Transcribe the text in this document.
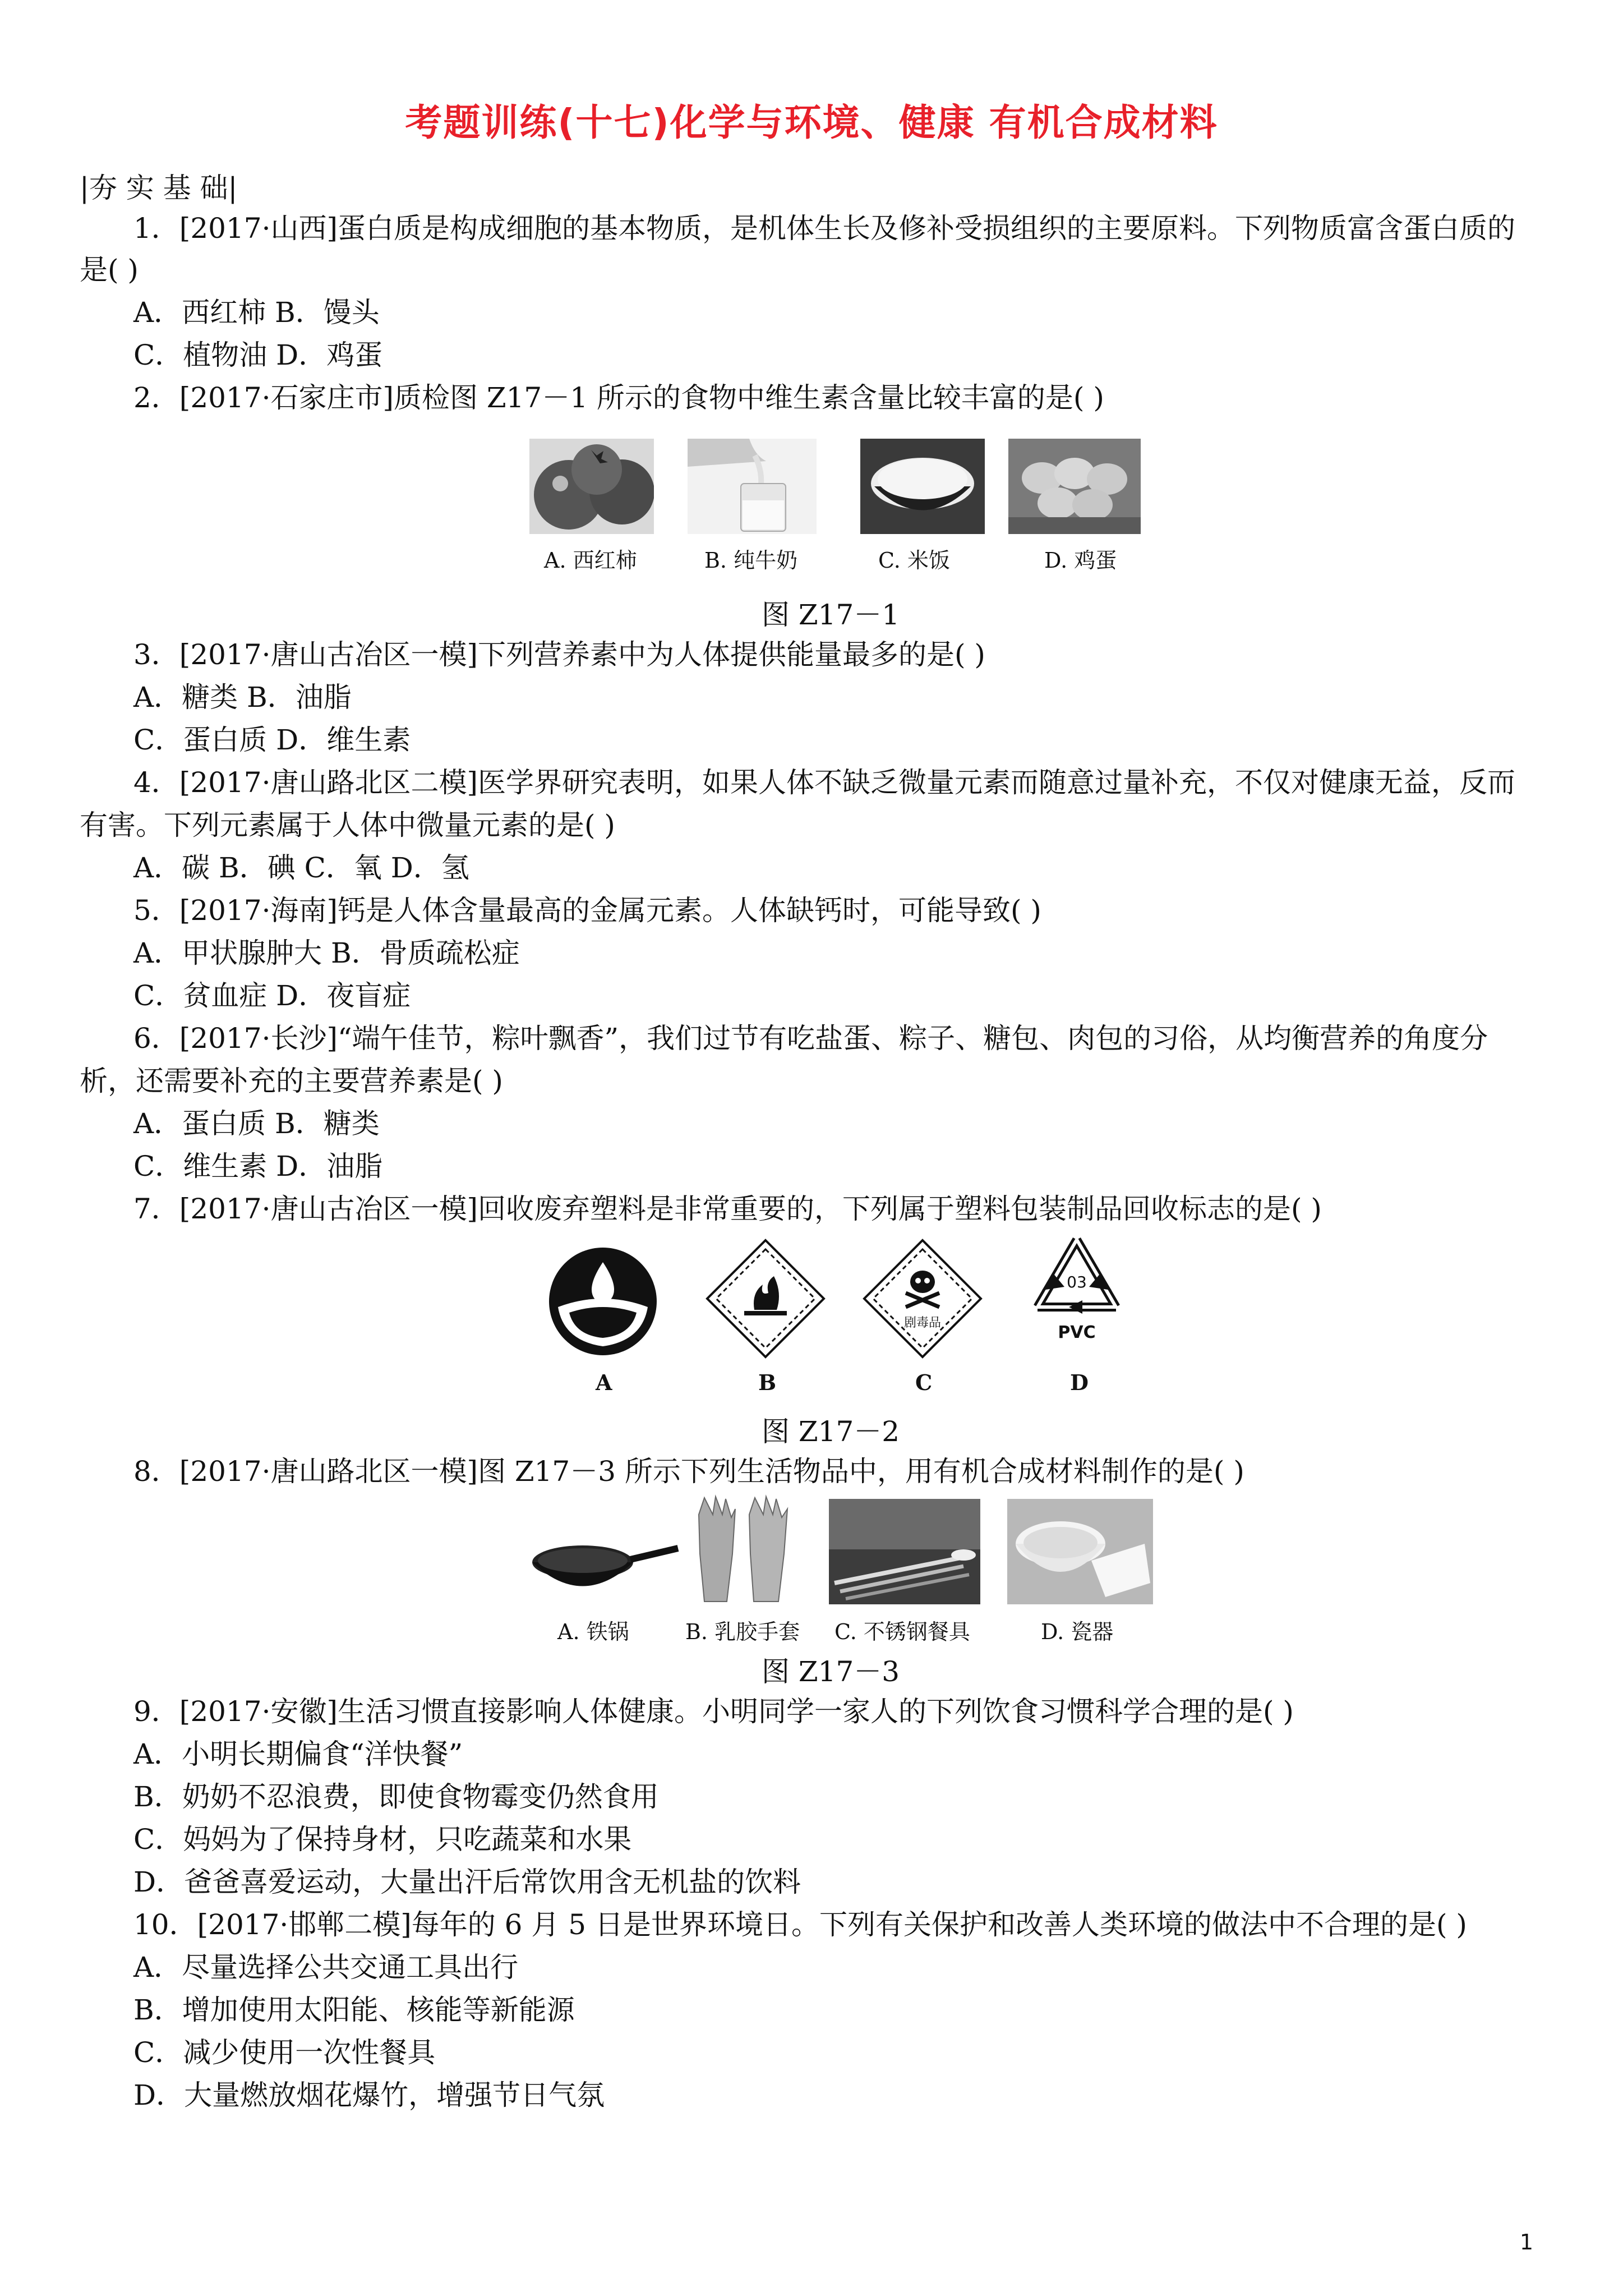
考题训练(十七)化学与环境、健康 有机合成材料
|夯 实 基 础|
1．[2017·山西]蛋白质是构成细胞的基本物质，是机体生长及修补受损组织的主要原料。下列物质富含蛋白质的
是( )
A．西红柿 B．馒头
C．植物油 D．鸡蛋
2．[2017·石家庄市]质检图 Z17－1 所示的食物中维生素含量比较丰富的是( )
A. 西红柿	B. 纯牛奶	C. 米饭	D. 鸡蛋
图 Z17－1
3．[2017·唐山古冶区一模]下列营养素中为人体提供能量最多的是( )
A．糖类 B．油脂
C．蛋白质 D．维生素
4．[2017·唐山路北区二模]医学界研究表明，如果人体不缺乏微量元素而随意过量补充，不仅对健康无益，反而
有害。下列元素属于人体中微量元素的是( )
A．碳 B．碘 C．氧 D．氢
5．[2017·海南]钙是人体含量最高的金属元素。人体缺钙时，可能导致( )
A．甲状腺肿大 B．骨质疏松症
C．贫血症 D．夜盲症
6．[2017·长沙]“端午佳节，粽叶飘香”，我们过节有吃盐蛋、粽子、糖包、肉包的习俗，从均衡营养的角度分
析，还需要补充的主要营养素是( )
A．蛋白质 B．糖类
C．维生素 D．油脂
7．[2017·唐山古冶区一模]回收废弃塑料是非常重要的，下列属于塑料包装制品回收标志的是( )
剧毒品
03
PVC
A	B	C	D
图 Z17－2
8．[2017·唐山路北区一模]图 Z17－3 所示下列生活物品中，用有机合成材料制作的是( )
A. 铁锅	B. 乳胶手套 C. 不锈钢餐具	D. 瓷器
图 Z17－3
9．[2017·安徽]生活习惯直接影响人体健康。小明同学一家人的下列饮食习惯科学合理的是( )
A．小明长期偏食“洋快餐”
B．奶奶不忍浪费，即使食物霉变仍然食用
C．妈妈为了保持身材，只吃蔬菜和水果
D．爸爸喜爱运动，大量出汗后常饮用含无机盐的饮料
10．[2017·邯郸二模]每年的 6 月 5 日是世界环境日。下列有关保护和改善人类环境的做法中不合理的是( )
A．尽量选择公共交通工具出行
B．增加使用太阳能、核能等新能源
C．减少使用一次性餐具
D．大量燃放烟花爆竹，增强节日气氛
1
